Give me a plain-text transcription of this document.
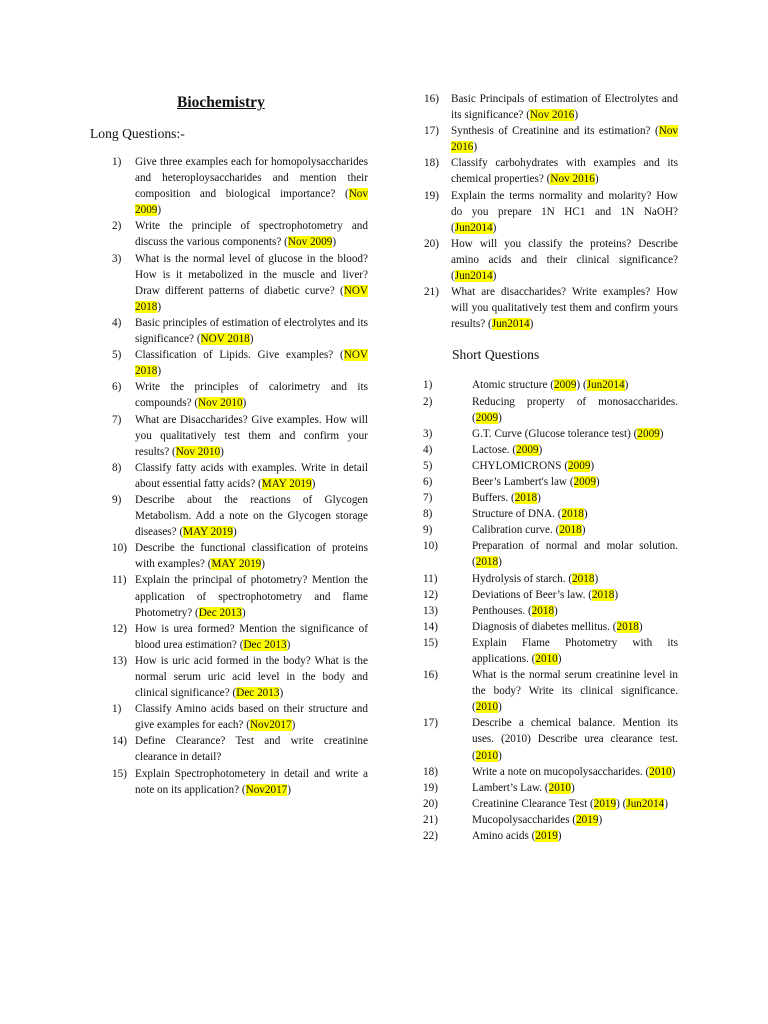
Biochemistry
Long Questions:-
1)	Give three examples each for homopolysaccharides and heteroploysaccharides and mention their composition and biological importance? (Nov 2009)
2)	Write the principle of spectrophotometry and discuss the various components? (Nov 2009)
3)	What is the normal level of glucose in the blood? How is it metabolized in the muscle and liver? Draw different patterns of diabetic curve? (NOV 2018)
4)	Basic principles of estimation of electrolytes and its significance? (NOV 2018)
5)	Classification of Lipids. Give examples? (NOV 2018)
6)	Write the principles of calorimetry and its compounds? (Nov 2010)
7)	What are Disaccharides? Give examples. How will you qualitatively test them and confirm your results? (Nov 2010)
8)	Classify fatty acids with examples. Write in detail about essential fatty acids? (MAY 2019)
9)	Describe about the reactions of Glycogen Metabolism. Add a note on the Glycogen storage diseases? (MAY 2019)
10) Describe the functional classification of proteins with examples? (MAY 2019)
11) Explain the principal of photometry? Mention the application of spectrophotometry and flame Photometry? (Dec 2013)
12) How is urea formed? Mention the significance of blood urea estimation? (Dec 2013)
13) How is uric acid formed in the body? What is the normal serum uric acid level in the body and clinical significance? (Dec 2013)
1)	Classify Amino acids based on their structure and give examples for each? (Nov2017)
14) Define Clearance? Test and write creatinine clearance in detail?
15) Explain Spectrophotometery in detail and write a note on its application? (Nov2017)
16)	Basic Principals of estimation of Electrolytes and its significance? (Nov 2016)
17)	Synthesis of Creatinine and its estimation? (Nov 2016)
18)	Classify carbohydrates with examples and its chemical properties? (Nov 2016)
19)	Explain the terms normality and molarity? How do you prepare 1N HC1 and 1N NaOH? (Jun2014)
20)	How will you classify the proteins? Describe amino acids and their clinical significance? (Jun2014)
21)	What are disaccharides? Write examples? How will you qualitatively test them and confirm yours results? (Jun2014)
Short Questions
1)	Atomic structure (2009) (Jun2014)
2)	Reducing property of monosaccharides. (2009)
3)	G.T. Curve (Glucose tolerance test) (2009)
4)	Lactose. (2009)
5)	CHYLOMICRONS (2009)
6)	Beer’s Lambert's law (2009)
7)	Buffers. (2018)
8)	Structure of DNA. (2018)
9)	Calibration curve. (2018)
10)	Preparation of normal and molar solution. (2018)
11)	Hydrolysis of starch. (2018)
12)	Deviations of Beer’s law. (2018)
13)	Penthouses. (2018)
14)	Diagnosis of diabetes mellitus. (2018)
15)	Explain Flame Photometry with its applications. (2010)
16)	What is the normal serum creatinine level in the body? Write its clinical significance. (2010)
17)	Describe a chemical balance. Mention its uses. (2010) Describe urea clearance test. (2010)
18)	Write a note on mucopolysaccharides. (2010)
19)	Lambert’s Law. (2010)
20)	Creatinine Clearance Test (2019) (Jun2014)
21)	Mucopolysaccharides (2019)
22)	Amino acids (2019)
